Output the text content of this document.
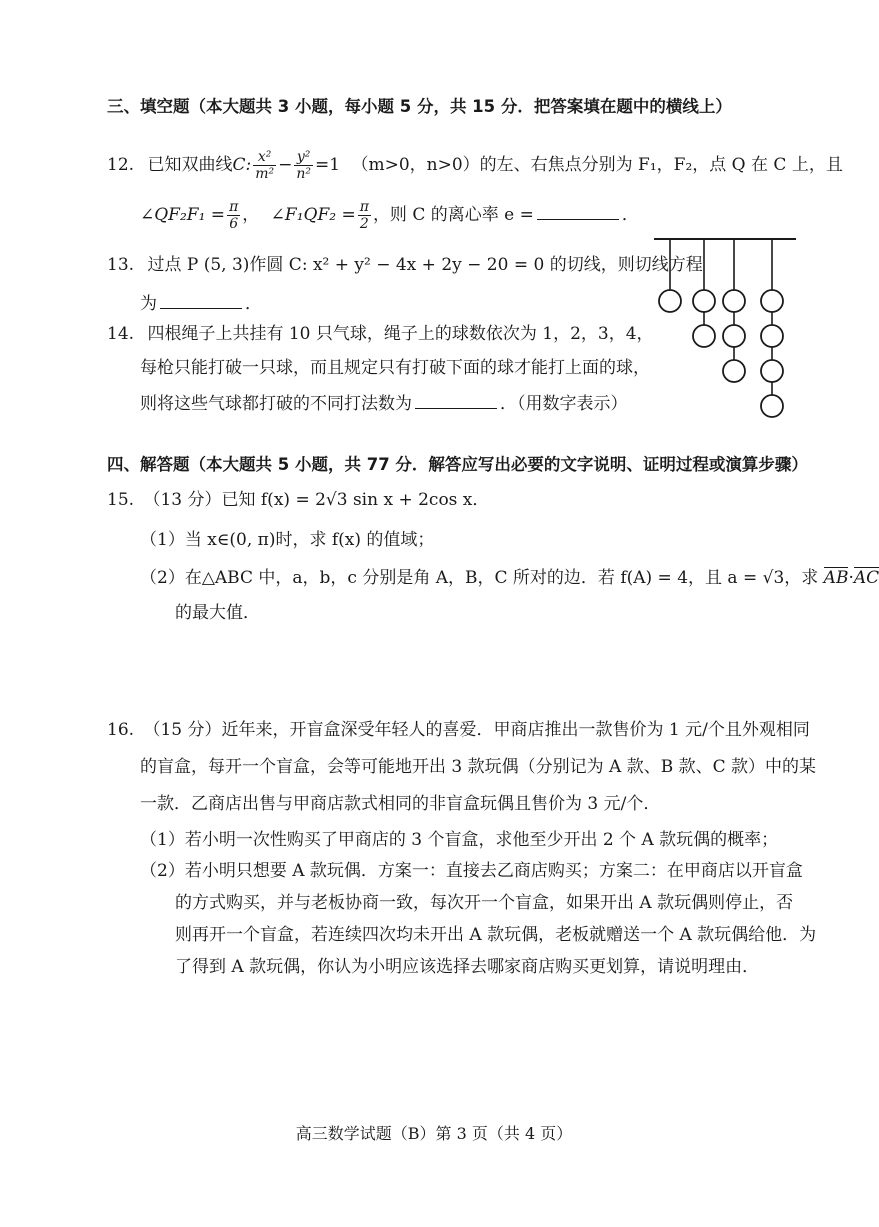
三、填空题（本大题共 3 小题，每小题 5 分，共 15 分．把答案填在题中的横线上）
12. 已知双曲线C: $\frac{\text{x²}}{\text{m²}} - \frac{\text{y²}}{\text{n²}} =1$ （m>0，n>0）的左、右焦点分别为 F₁，F₂，点 Q 在 C 上，且
∠QF₂F₁ = $\frac{\pi}{6}$ ， ∠F₁QF₂ = $\frac{\pi}{2}$ ，则 C 的离心率 e =	．
13. 过点 P (5, 3)作圆 C: x² + y² − 4x + 2y − 20 = 0 的切线，则切线方程
为	．
14. 四根绳子上共挂有 10 只气球，绳子上的球数依次为 1，2，3，4，
每枪只能打破一只球，而且规定只有打破下面的球才能打上面的球，
则将这些气球都打破的不同打法数为	．（用数字表示）
四、解答题（本大题共 5 小题，共 77 分．解答应写出必要的文字说明、证明过程或演算步骤）
15. （13 分）已知 f(x) = 2√3 sin x + 2cos x．
（1）当 x∈(0, π)时，求 f(x) 的值域；
（2）在△ABC 中，a，b，c 分别是角 A，B，C 所对的边．若 f(A) = 4，且 a = √3，求 AB·AC
的最大值．
16. （15 分）近年来，开盲盒深受年轻人的喜爱．甲商店推出一款售价为 1 元/个且外观相同
的盲盒，每开一个盲盒，会等可能地开出 3 款玩偶（分别记为 A 款、B 款、C 款）中的某
一款．乙商店出售与甲商店款式相同的非盲盒玩偶且售价为 3 元/个．
（1）若小明一次性购买了甲商店的 3 个盲盒，求他至少开出 2 个 A 款玩偶的概率；
（2）若小明只想要 A 款玩偶．方案一：直接去乙商店购买；方案二：在甲商店以开盲盒
的方式购买，并与老板协商一致，每次开一个盲盒，如果开出 A 款玩偶则停止，否
则再开一个盲盒，若连续四次均未开出 A 款玩偶，老板就赠送一个 A 款玩偶给他．为
了得到 A 款玩偶，你认为小明应该选择去哪家商店购买更划算，请说明理由．
高三数学试题（B）第 3 页（共 4 页）
